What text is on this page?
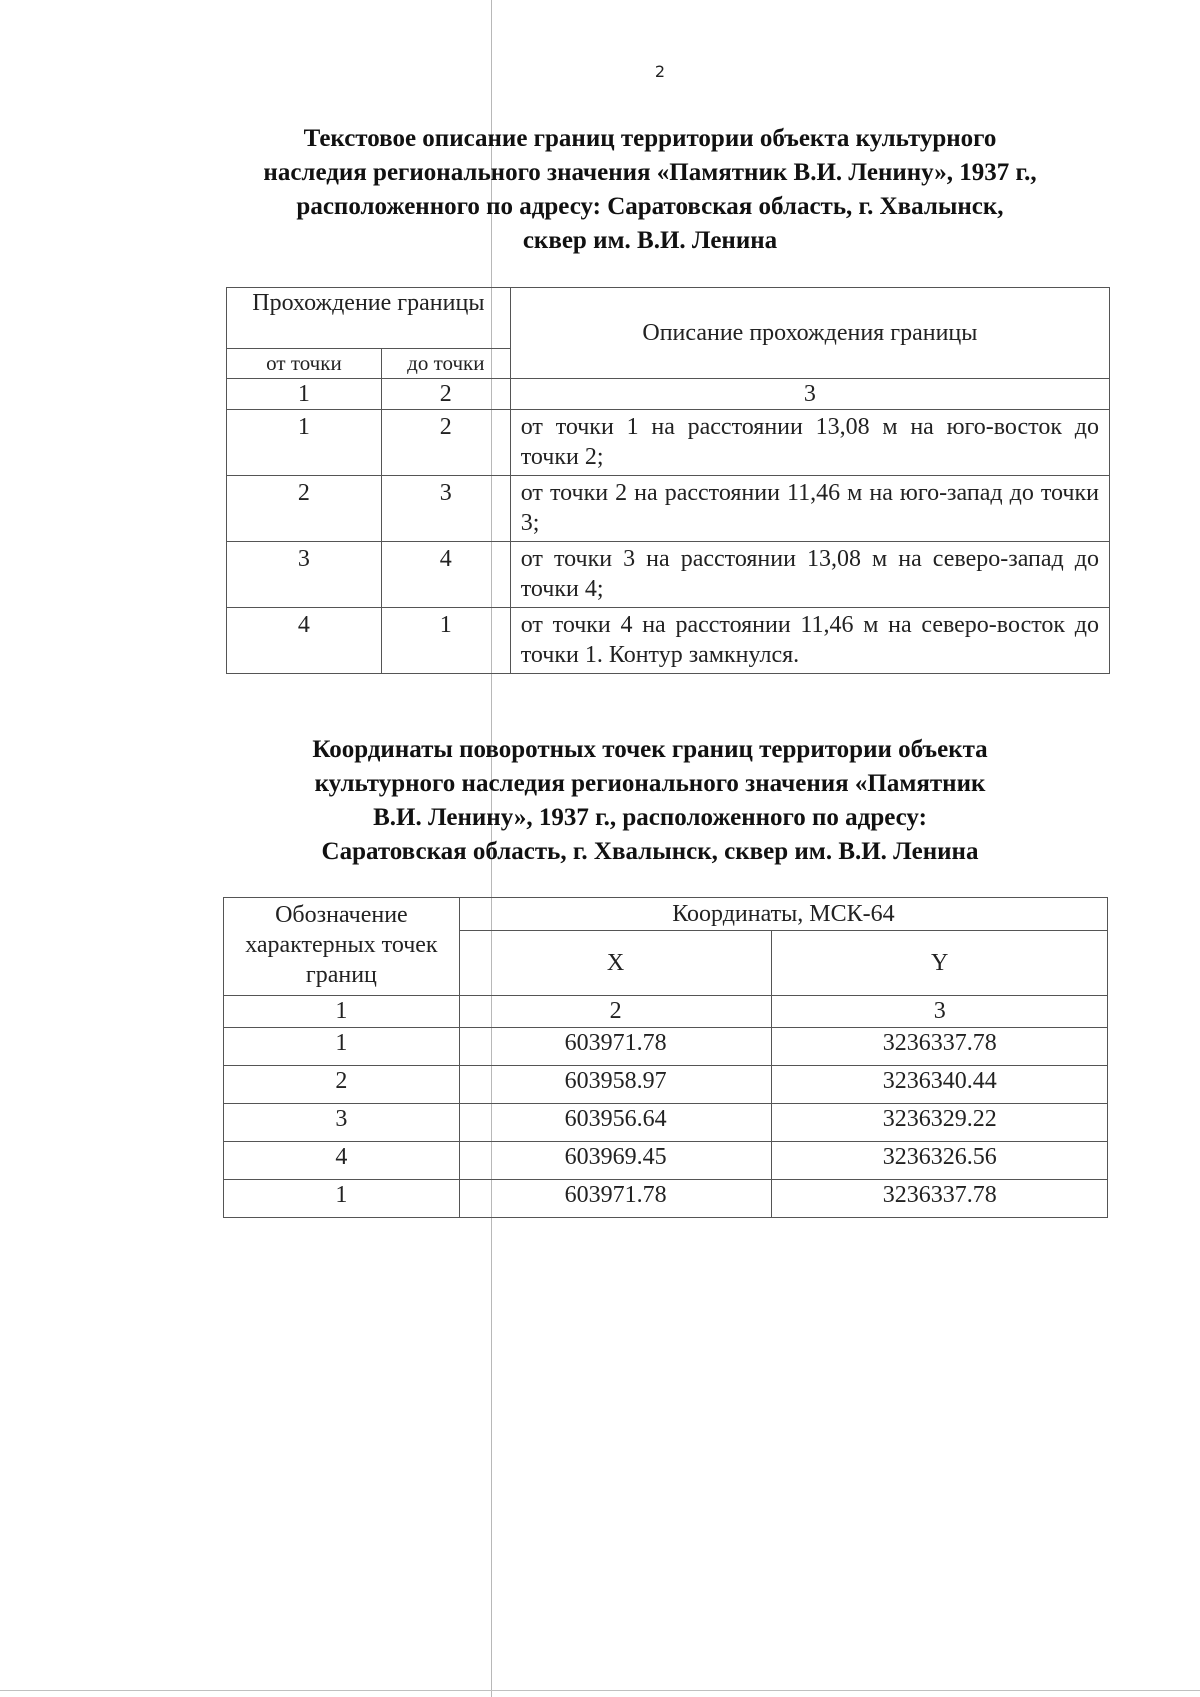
2
Текстовое описание границ территории объекта культурного
наследия регионального значения «Памятник В.И. Ленину», 1937 г.,
расположенного по адресу: Саратовская область, г. Хвалынск,
сквер им. В.И. Ленина
Прохождение границы		Описание прохождения границы
от точки	до точки	
1	2	3
1	2	от точки 1 на расстоянии 13,08 м на юго-восток до точки 2;
2	3	от точки 2 на расстоянии 11,46 м на юго-запад до точки 3;
3	4	от точки 3 на расстоянии 13,08 м на северо-запад до точки 4;
4	1	от точки 4 на расстоянии 11,46 м на северо-восток до точки 1. Контур замкнулся.
Координаты поворотных точек границ территории объекта
культурного наследия регионального значения «Памятник
В.И. Ленину», 1937 г., расположенного по адресу:
Саратовская область, г. Хвалынск, сквер им. В.И. Ленина
Обозначение характерных точек границ	Координаты, МСК-64	
	X	Y
1	2	3
1	603971.78	3236337.78
2	603958.97	3236340.44
3	603956.64	3236329.22
4	603969.45	3236326.56
1	603971.78	3236337.78
